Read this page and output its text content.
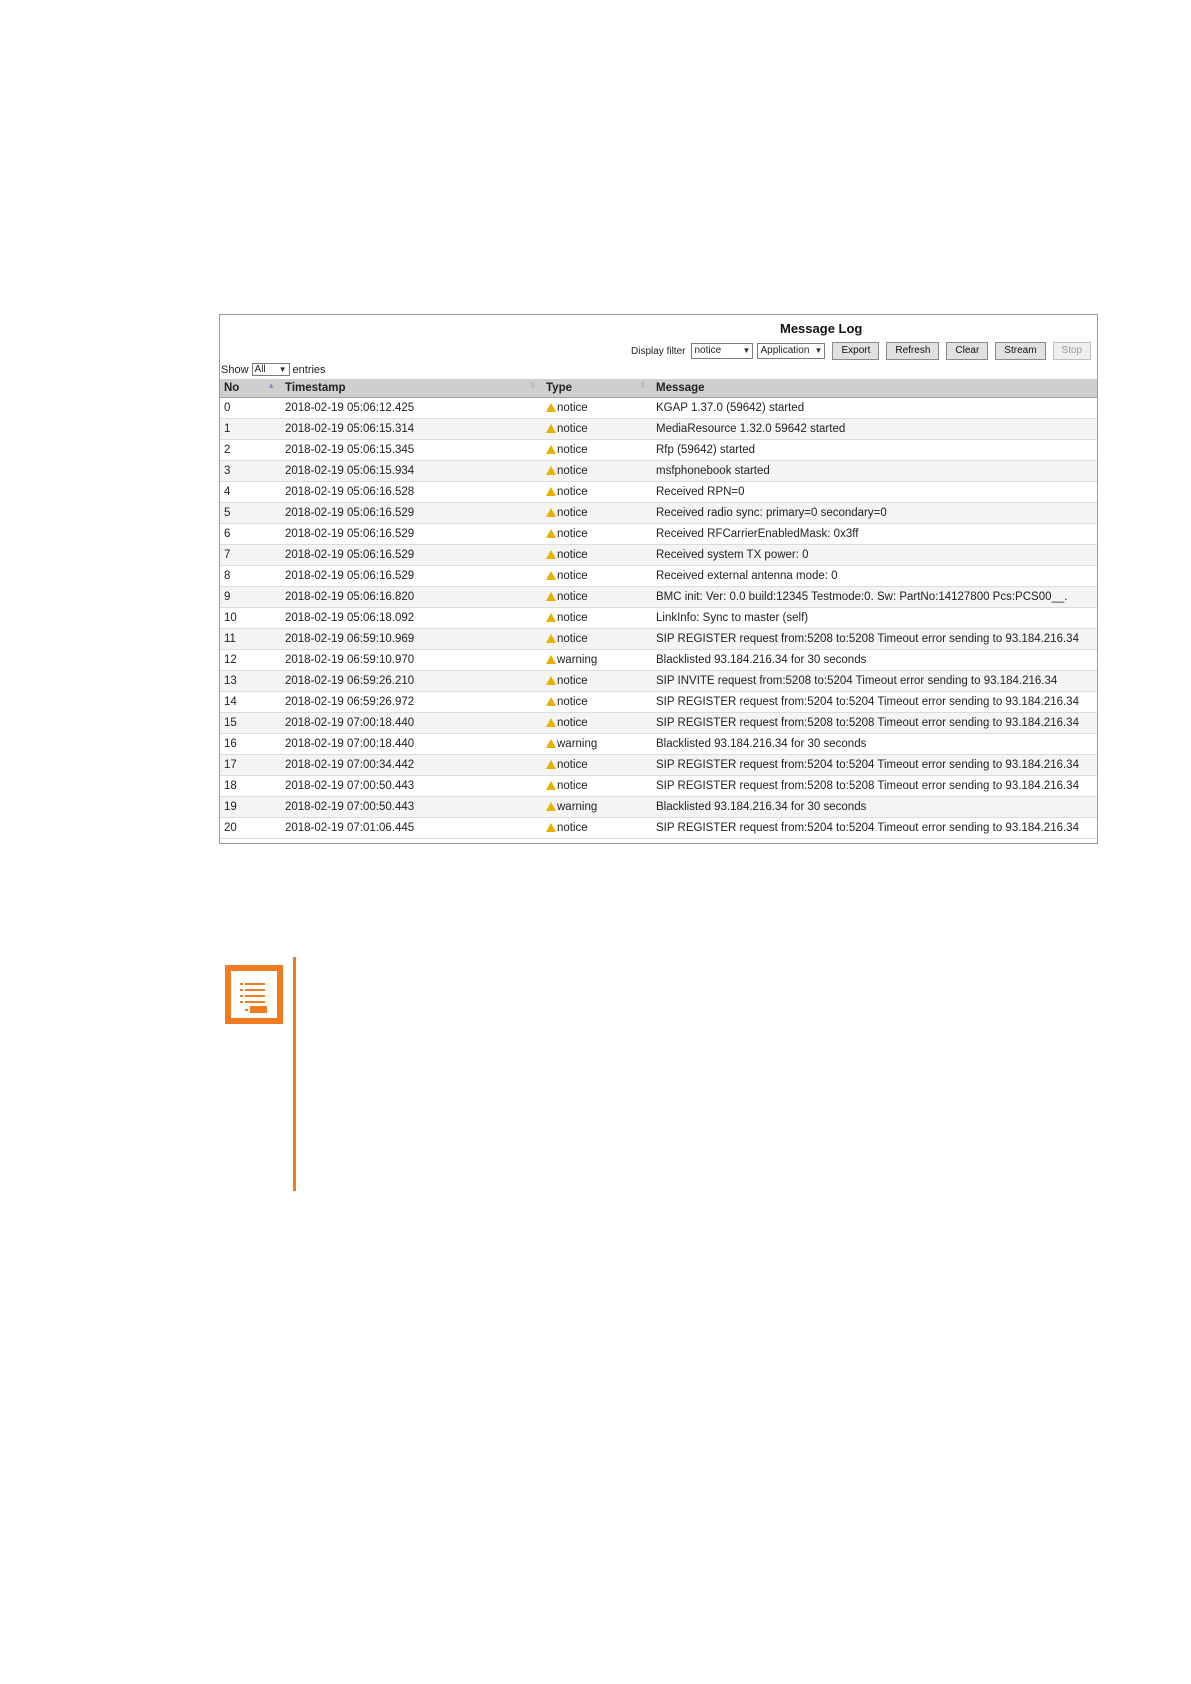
Message Log
Display filter notice	▼ Application ▼	Export	Refresh	Clear	Stream	Stop
Show All ▼ entries
No ▲	Timestamp ⇕	Type ⇕	Message
0	2018-02-19 05:06:12.425	notice	KGAP 1.37.0 (59642) started
1	2018-02-19 05:06:15.314	notice	MediaResource 1.32.0 59642 started
2	2018-02-19 05:06:15.345	notice	Rfp (59642) started
3	2018-02-19 05:06:15.934	notice	msfphonebook started
4	2018-02-19 05:06:16.528	notice	Received RPN=0
5	2018-02-19 05:06:16.529	notice	Received radio sync: primary=0 secondary=0
6	2018-02-19 05:06:16.529	notice	Received RFCarrierEnabledMask: 0x3ff
7	2018-02-19 05:06:16.529	notice	Received system TX power: 0
8	2018-02-19 05:06:16.529	notice	Received external antenna mode: 0
9	2018-02-19 05:06:16.820	notice	BMC init: Ver: 0.0 build:12345 Testmode:0. Sw: PartNo:14127800 Pcs:PCS00__.
10	2018-02-19 05:06:18.092	notice	LinkInfo: Sync to master (self)
11	2018-02-19 06:59:10.969	notice	SIP REGISTER request from:5208 to:5208 Timeout error sending to 93.184.216.34
12	2018-02-19 06:59:10.970	warning	Blacklisted 93.184.216.34 for 30 seconds
13	2018-02-19 06:59:26.210	notice	SIP INVITE request from:5208 to:5204 Timeout error sending to 93.184.216.34
14	2018-02-19 06:59:26.972	notice	SIP REGISTER request from:5204 to:5204 Timeout error sending to 93.184.216.34
15	2018-02-19 07:00:18.440	notice	SIP REGISTER request from:5208 to:5208 Timeout error sending to 93.184.216.34
16	2018-02-19 07:00:18.440	warning	Blacklisted 93.184.216.34 for 30 seconds
17	2018-02-19 07:00:34.442	notice	SIP REGISTER request from:5204 to:5204 Timeout error sending to 93.184.216.34
18	2018-02-19 07:00:50.443	notice	SIP REGISTER request from:5208 to:5208 Timeout error sending to 93.184.216.34
19	2018-02-19 07:00:50.443	warning	Blacklisted 93.184.216.34 for 30 seconds
20	2018-02-19 07:01:06.445	notice	SIP REGISTER request from:5204 to:5204 Timeout error sending to 93.184.216.34
